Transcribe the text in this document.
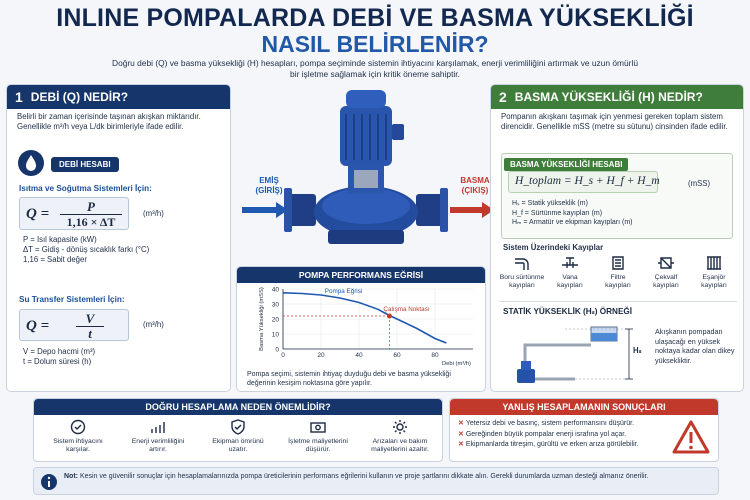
INLINE POMPALARDA DEBİ VE BASMA YÜKSEKLİĞİ
NASIL BELİRLENİR?
Doğru debi (Q) ve basma yüksekliği (H) hesapları, pompa seçiminde sistemin ihtiyacını karşılamak, enerji verimliliğini artırmak ve uzun ömürlü bir işletme sağlamak için kritik öneme sahiptir.
1 DEBİ (Q) NEDİR?
Belirli bir zaman içerisinde taşınan akışkan miktarıdır. Genellikle m³/h veya L/dk birimleriyle ifade edilir.
DEBİ HESABI
Isıtma ve Soğutma Sistemleri İçin:
Q =	P
1,16 × ΔT
(m³/h)
P = Isıl kapasite (kW)
ΔT = Gidiş - dönüş sıcaklık farkı (°C)
1,16 = Sabit değer
Su Transfer Sistemleri İçin:
Q =	V
t
(m³/h)
V = Depo hacmi (m³)
t = Dolum süresi (h)
EMİŞ
(GİRİŞ)
BASMA
(ÇIKIŞ)
POMPA PERFORMANS EĞRİSİ
0
10
20
30
40
0	20	40	60	80
Debi (m³/h)
Basma Yüksekliği (mSS)	Pompa Eğrisi
Çalışma Noktası
Pompa seçimi, sistemin ihtiyaç duyduğu debi ve basma yüksekliği değerinin kesişim noktasına göre yapılır.
2 BASMA YÜKSEKLİĞİ (H) NEDİR?
Pompanın akışkanı taşımak için yenmesi gereken toplam sistem direncidir. Genellikle mSS (metre su sütunu) cinsinden ifade edilir.
BASMA YÜKSEKLİĞİ HESABI
H_toplam = H_s + H_f + H_m	(mSS)
Hₛ = Statik yükseklik (m)
H_f = Sürtünme kayıpları (m)
Hₘ = Armatür ve ekipman kayıpları (m)
Sistem Üzerindeki Kayıplar
Boru sürtünme
kayıpları
Vana
kayıpları
Filtre
kayıpları
Çekvalf
kayıpları
Eşanjör
kayıpları
STATİK YÜKSEKLİK (Hₛ) ÖRNEĞİ
Hₛ
Akışkanın pompadan ulaşacağı en yüksek noktaya kadar olan dikey yüksekliktir.
DOĞRU HESAPLAMA NEDEN ÖNEMLİDİR?
Sistem ihtiyacını
karşılar.
Enerji verimliliğini
artırır.
Ekipman ömrünü
uzatır.
İşletme maliyetlerini
düşürür.
Arızaları ve bakım
maliyetlerini azaltır.
YANLIŞ HESAPLAMANIN SONUÇLARI
✕ Yetersiz debi ve basınç, sistem performansını düşürür.
✕ Gereğinden büyük pompalar enerji israfına yol açar.
✕ Ekipmanlarda titreşim, gürültü ve erken arıza görülebilir.
Not: Kesin ve güvenilir sonuçlar için hesaplamalarınızda pompa üreticilerinin performans eğrilerini kullanın ve proje şartlarını dikkate alın. Gerekli durumlarda uzman desteği almanız önerilir.
